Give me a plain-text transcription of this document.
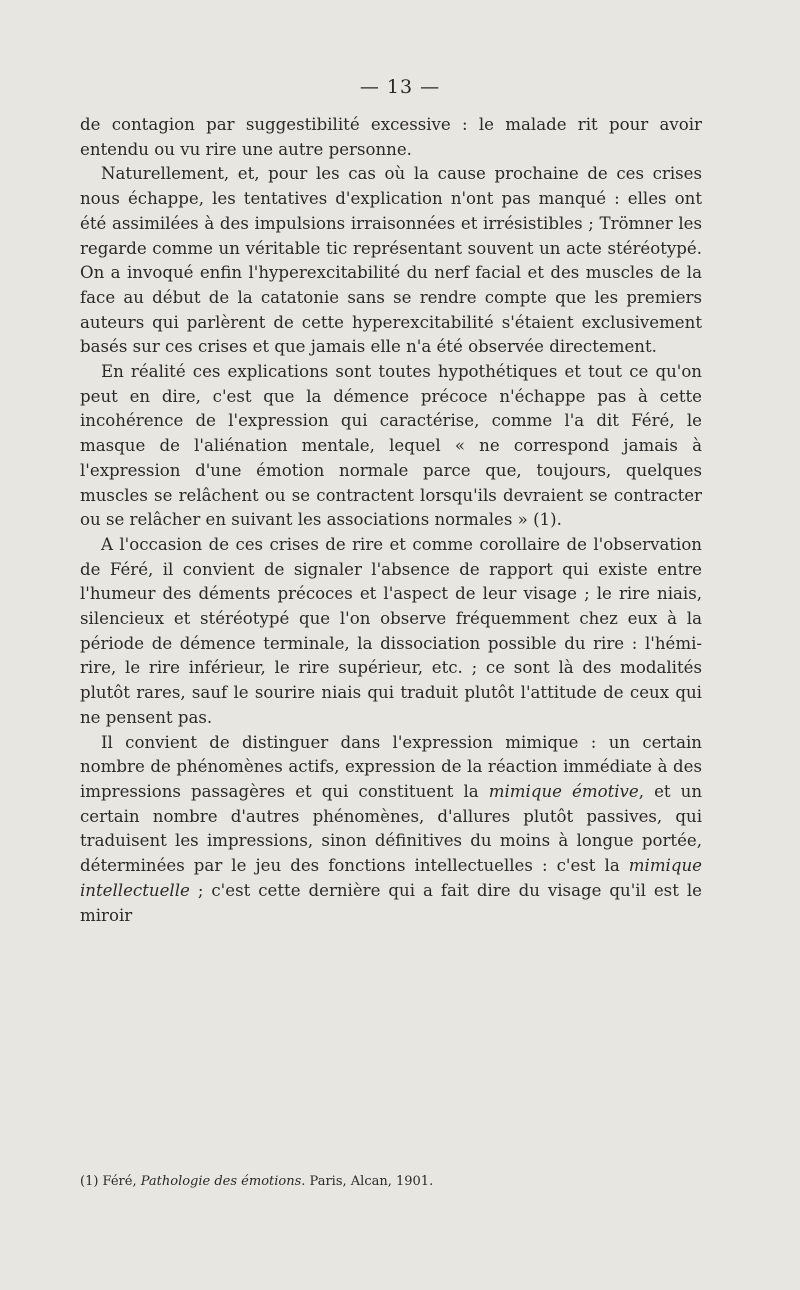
— 13 —

de contagion par suggestibilité excessive : le malade rit pour avoir entendu ou vu rire une autre personne.

Naturellement, et, pour les cas où la cause prochaine de ces crises nous échappe, les tentatives d'explication n'ont pas manqué : elles ont été assimilées à des impulsions irraisonnées et irrésistibles ; Trömner les regarde comme un véritable tic représentant souvent un acte stéréotypé. On a invoqué enfin l'hyperexcitabilité du nerf facial et des muscles de la face au début de la catatonie sans se rendre compte que les premiers auteurs qui parlèrent de cette hyperexcitabilité s'étaient exclusivement basés sur ces crises et que jamais elle n'a été observée directement.

En réalité ces explications sont toutes hypothétiques et tout ce qu'on peut en dire, c'est que la démence précoce n'échappe pas à cette incohérence de l'expression qui caractérise, comme l'a dit Féré, le masque de l'aliénation mentale, lequel « ne correspond jamais à l'expression d'une émotion normale parce que, toujours, quelques muscles se relâchent ou se contractent lorsqu'ils devraient se contracter ou se relâcher en suivant les associations normales » (1).

A l'occasion de ces crises de rire et comme corollaire de l'observation de Féré, il convient de signaler l'absence de rapport qui existe entre l'humeur des déments précoces et l'aspect de leur visage ; le rire niais, silencieux et stéréotypé que l'on observe fréquemment chez eux à la période de démence terminale, la dissociation possible du rire : l'hémi-rire, le rire inférieur, le rire supérieur, etc. ; ce sont là des modalités plutôt rares, sauf le sourire niais qui traduit plutôt l'attitude de ceux qui ne pensent pas.

Il convient de distinguer dans l'expression mimique : un certain nombre de phénomènes actifs, expression de la réaction immédiate à des impressions passagères et qui constituent la mimique émotive, et un certain nombre d'autres phénomènes, d'allures plutôt passives, qui traduisent les impressions, sinon définitives du moins à longue portée, déterminées par le jeu des fonctions intellectuelles : c'est la mimique intellectuelle ; c'est cette dernière qui a fait dire du visage qu'il est le miroir

(1) Féré, Pathologie des émotions. Paris, Alcan, 1901.
